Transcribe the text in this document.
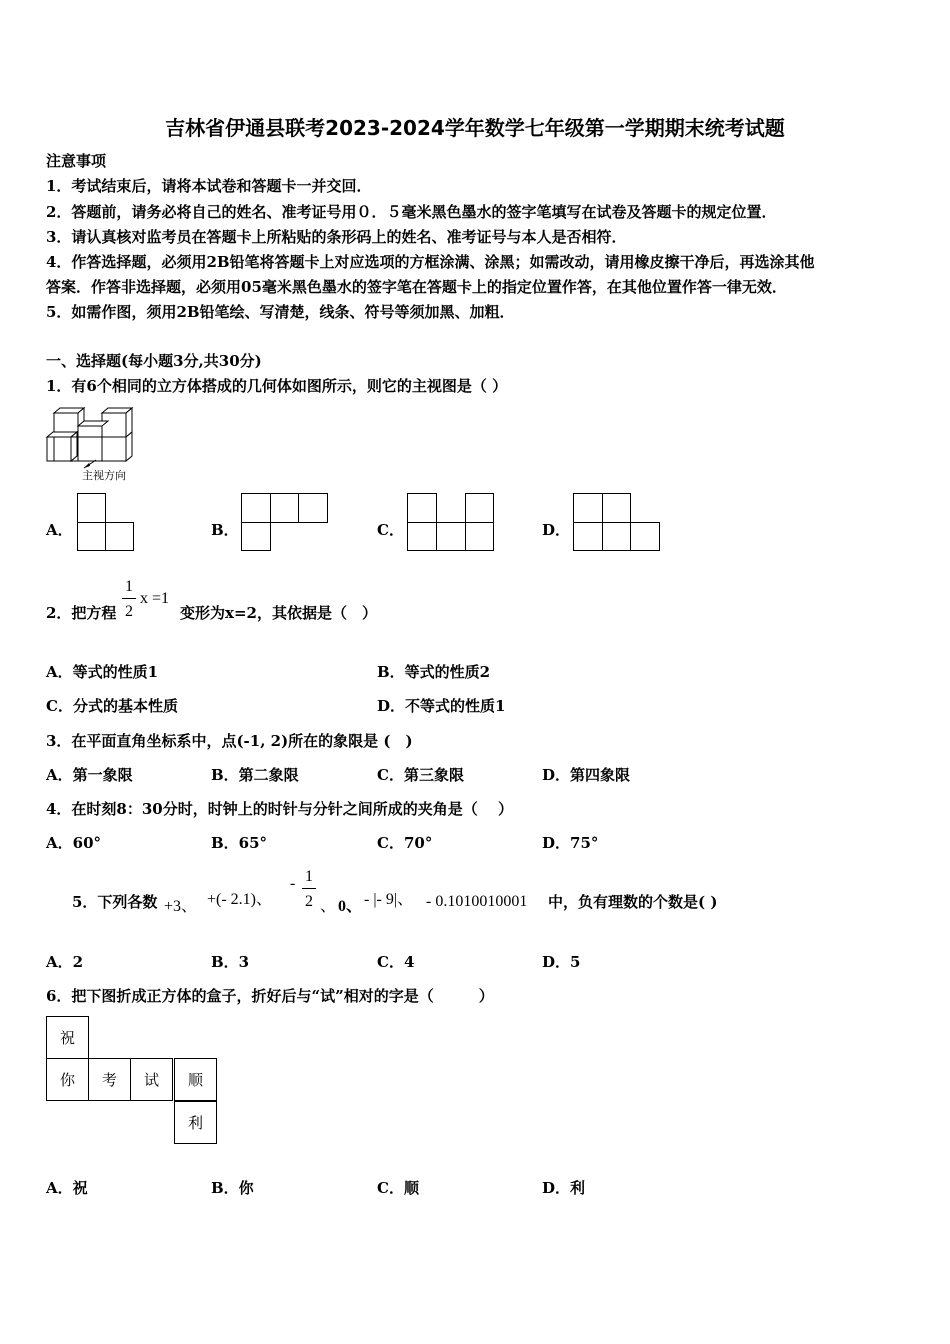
吉林省伊通县联考2023-2024学年数学七年级第一学期期末统考试题
注意事项
1．考试结束后，请将本试卷和答题卡一并交回．
2．答题前，请务必将自己的姓名、准考证号用０．５毫米黑色墨水的签字笔填写在试卷及答题卡的规定位置．
3．请认真核对监考员在答题卡上所粘贴的条形码上的姓名、准考证号与本人是否相符．
4．作答选择题，必须用2B铅笔将答题卡上对应选项的方框涂满、涂黑；如需改动，请用橡皮擦干净后，再选涂其他
答案．作答非选择题，必须用05毫米黑色墨水的签字笔在答题卡上的指定位置作答，在其他位置作答一律无效．
5．如需作图，须用2B铅笔绘、写清楚，线条、符号等须加黑、加粗．
一、选择题(每小题3分,共30分)
1．有6个相同的立方体搭成的几何体如图所示，则它的主视图是（ ）
主视方向
A．	B．	C．	D．
2．把方程
1
2
x =1
变形为x=2，其依据是（　）
A．等式的性质1	B．等式的性质2
C．分式的基本性质	D．不等式的性质1
3．在平面直角坐标系中，点(-1, 2)所在的象限是 (　)
A．第一象限	B．第二象限	C．第三象限	D．第四象限
4．在时刻8：30分时，时钟上的时针与分针之间所成的夹角是（　 ）
A．60°	B．65°	C．70°	D．75°
5．下列各数 +3、 +(- 2.1)、
- 1
2 、 0、 - |- 9|、 - 0.1010010001 中，负有理数的个数是( )
A．2	B．3	C．4	D．5
6．把下图折成正方体的盒子，折好后与“试”相对的字是（　　　）
祝
你	考	试	顺
利
A．祝	B．你	C．顺	D．利
